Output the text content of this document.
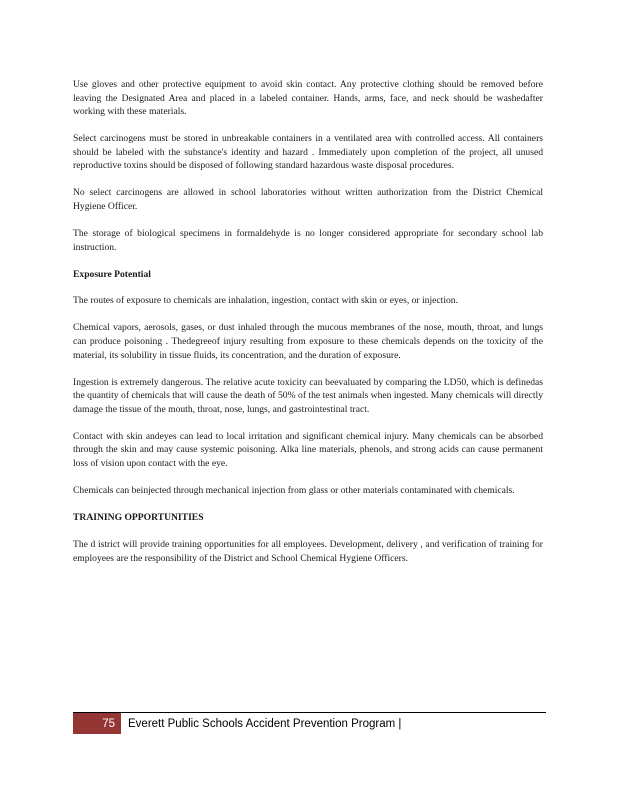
Use gloves and other protective equipment to avoid skin contact. Any protective clothing should be removed before leaving the Designated Area and placed in a labeled container. Hands, arms, face, and neck should be washedafter working with these materials.

Select carcinogens must be stored in unbreakable containers in a ventilated area with controlled access. All containers should be labeled with the substance's identity and hazard . Immediately upon completion of the project, all unused reproductive toxins should be disposed of following standard hazardous waste disposal procedures.

No select carcinogens are allowed in school laboratories without written authorization from the District Chemical Hygiene Officer.

The storage of biological specimens in formaldehyde is no longer considered appropriate for secondary school lab instruction.

Exposure Potential

The routes of exposure to chemicals are inhalation, ingestion, contact with skin or eyes, or injection.

Chemical vapors, aerosols, gases, or dust inhaled through the mucous membranes of the nose, mouth, throat, and lungs can produce poisoning . Thedegreeof injury resulting from exposure to these chemicals depends on the toxicity of the material, its solubility in tissue fluids, its concentration, and the duration of exposure.

Ingestion is extremely dangerous. The relative acute toxicity can beevaluated by comparing the LD50, which is definedas the quantity of chemicals that will cause the death of 50% of the test animals when ingested. Many chemicals will directly damage the tissue of the mouth, throat, nose, lungs, and gastrointestinal tract.

Contact with skin andeyes can lead to local irritation and significant chemical injury. Many chemicals can be absorbed through the skin and may cause systemic poisoning. Alka line materials, phenols, and strong acids can cause permanent loss of vision upon contact with the eye.

Chemicals can beinjected through mechanical injection from glass or other materials contaminated with chemicals.

TRAINING OPPORTUNITIES

The d istrict will provide training opportunities for all employees. Development, delivery , and verification of training for employees are the responsibility of the District and School Chemical Hygiene Officers.

75	Everett Public Schools Accident Prevention Program |
